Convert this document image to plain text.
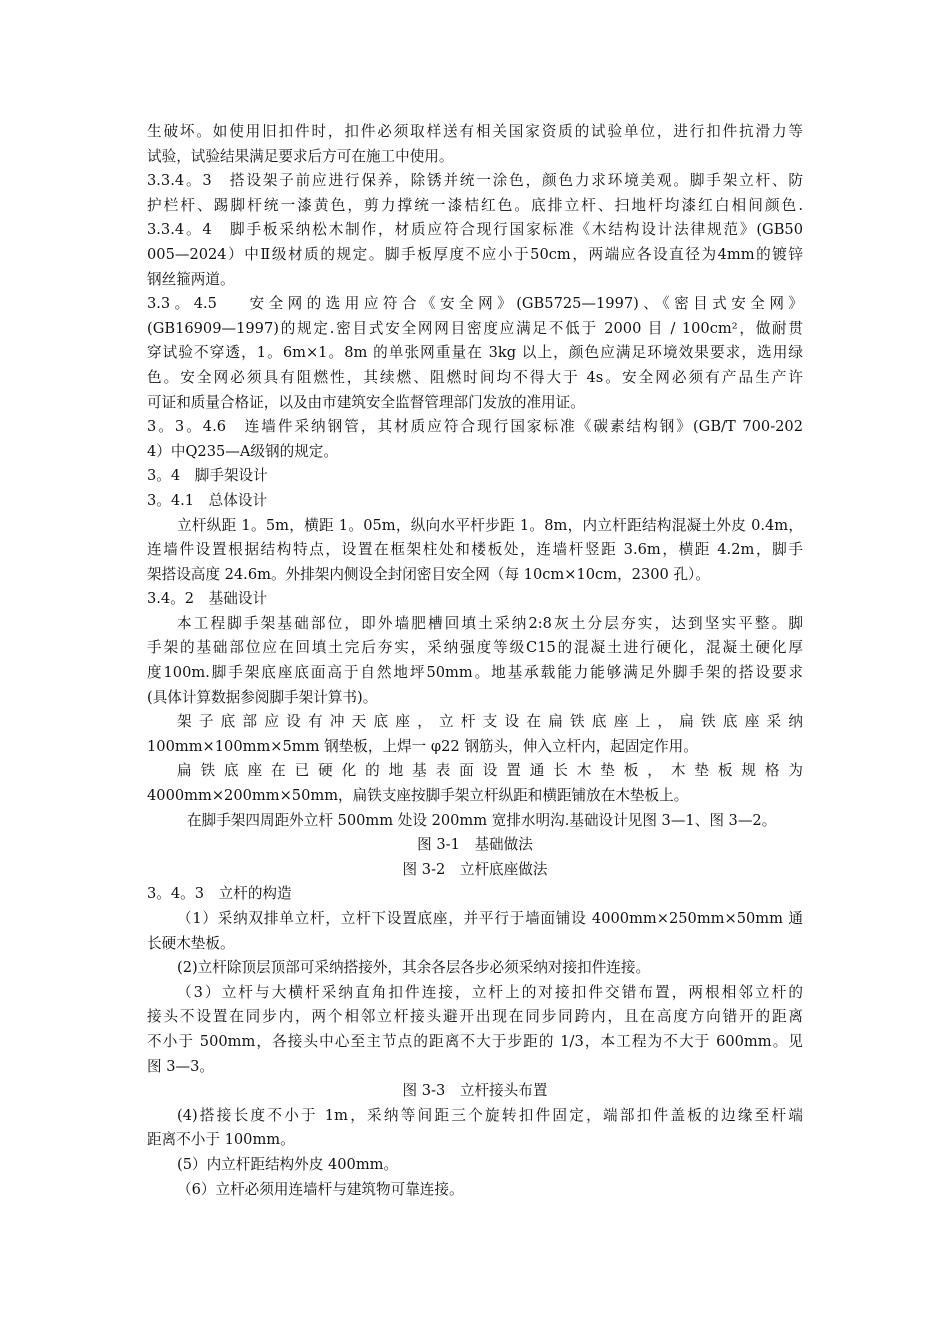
生破坏。如使用旧扣件时，扣件必须取样送有相关国家资质的试验单位，进行扣件抗滑力等
试验，试验结果满足要求后方可在施工中使用。
3.3.4。3　搭设架子前应进行保养，除锈并统一涂色，颜色力求环境美观。脚手架立杆、防
护栏杆、踢脚杆统一漆黄色，剪力撑统一漆桔红色。底排立杆、扫地杆均漆红白相间颜色.
3.3.4。4　脚手板采纳松木制作，材质应符合现行国家标准《木结构设计法律规范》(GB50
005—2024）中Ⅱ级材质的规定。脚手板厚度不应小于50cm，两端应各设直径为4mm的镀锌
钢丝箍两道。
3.3。4.5　 安全网的选用应符合《安全网》(GB5725—1997)、《密目式安全网》
(GB16909—1997)的规定.密目式安全网网目密度应满足不低于 2000 目 / 100cm²，做耐贯
穿试验不穿透，1。6m×1。8m 的单张网重量在 3kg 以上，颜色应满足环境效果要求，选用绿
色。安全网必须具有阻燃性，其续燃、阻燃时间均不得大于 4s。安全网必须有产品生产许
可证和质量合格证，以及由市建筑安全监督管理部门发放的准用证。
3。3。4.6　连墙件采纳钢管，其材质应符合现行国家标准《碳素结构钢》(GB/T 700-202
4）中Q235—A级钢的规定。
3。4　脚手架设计
3。4.1　总体设计
立杆纵距 1。5m，横距 1。05m，纵向水平杆步距 1。8m，内立杆距结构混凝土外皮 0.4m，
连墙件设置根据结构特点，设置在框架柱处和楼板处，连墙杆竖距 3.6m，横距 4.2m，脚手
架搭设高度 24.6m。外排架内侧设全封闭密目安全网（每 10cm×10cm，2300 孔）。
3.4。2　基础设计
本工程脚手架基础部位，即外墙肥槽回填土采纳2:8灰土分层夯实，达到坚实平整。脚
手架的基础部位应在回填土完后夯实，采纳强度等级C15的混凝土进行硬化，混凝土硬化厚
度100m.脚手架底座底面高于自然地坪50mm。地基承载能力能够满足外脚手架的搭设要求
(具体计算数据参阅脚手架计算书)。
架子底部应设有冲天底座，立杆支设在扁铁底座上，扁铁底座采纳
100mm×100mm×5mm 钢垫板，上焊一 φ22 钢筋头，伸入立杆内，起固定作用。
扁铁底座在已硬化的地基表面设置通长木垫板，木垫板规格为
4000mm×200mm×50mm，扁铁支座按脚手架立杆纵距和横距铺放在木垫板上。
在脚手架四周距外立杆 500mm 处设 200mm 宽排水明沟.基础设计见图 3—1、图 3—2。
图 3-1　基础做法
图 3-2　立杆底座做法
3。4。3　立杆的构造
（1）采纳双排单立杆，立杆下设置底座，并平行于墙面铺设 4000mm×250mm×50mm 通
长硬木垫板。
(2)立杆除顶层顶部可采纳搭接外，其余各层各步必须采纳对接扣件连接。
（3）立杆与大横杆采纳直角扣件连接，立杆上的对接扣件交错布置，两根相邻立杆的
接头不设置在同步内，两个相邻立杆接头避开出现在同步同跨内，且在高度方向错开的距离
不小于 500mm，各接头中心至主节点的距离不大于步距的 1/3，本工程为不大于 600mm。见
图 3—3。
图 3-3　立杆接头布置
(4)搭接长度不小于 1m，采纳等间距三个旋转扣件固定，端部扣件盖板的边缘至杆端
距离不小于 100mm。
(5）内立杆距结构外皮 400mm。
（6）立杆必须用连墙杆与建筑物可靠连接。
